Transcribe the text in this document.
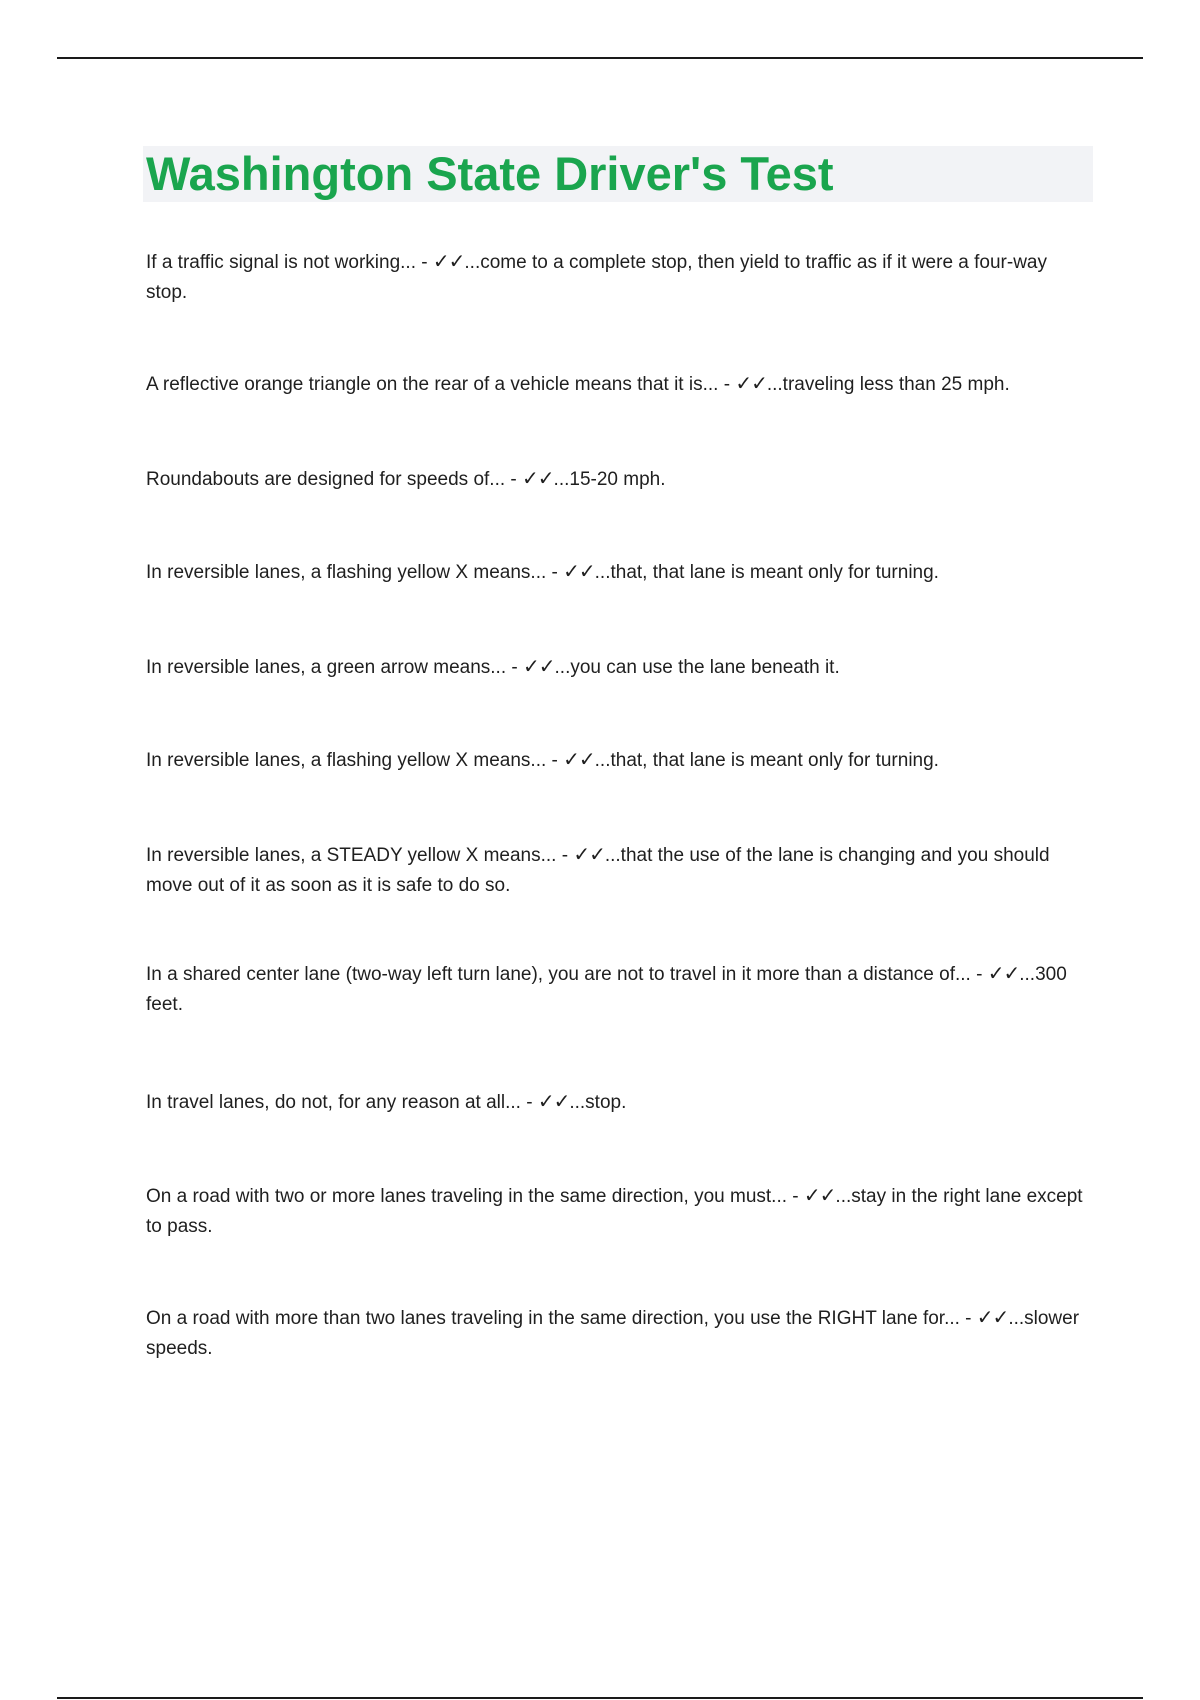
Washington State Driver's Test

If a traffic signal is not working... - ✓✓...come to a complete stop, then yield to traffic as if it were a four-way stop.

A reflective orange triangle on the rear of a vehicle means that it is... - ✓✓...traveling less than 25 mph.

Roundabouts are designed for speeds of... - ✓✓...15-20 mph.

In reversible lanes, a flashing yellow X means... - ✓✓...that, that lane is meant only for turning.

In reversible lanes, a green arrow means... - ✓✓...you can use the lane beneath it.

In reversible lanes, a flashing yellow X means... - ✓✓...that, that lane is meant only for turning.

In reversible lanes, a STEADY yellow X means... - ✓✓...that the use of the lane is changing and you should move out of it as soon as it is safe to do so.

In a shared center lane (two-way left turn lane), you are not to travel in it more than a distance of... - ✓✓...300 feet.

In travel lanes, do not, for any reason at all... - ✓✓...stop.

On a road with two or more lanes traveling in the same direction, you must... - ✓✓...stay in the right lane except to pass.

On a road with more than two lanes traveling in the same direction, you use the RIGHT lane for... - ✓✓...slower speeds.
